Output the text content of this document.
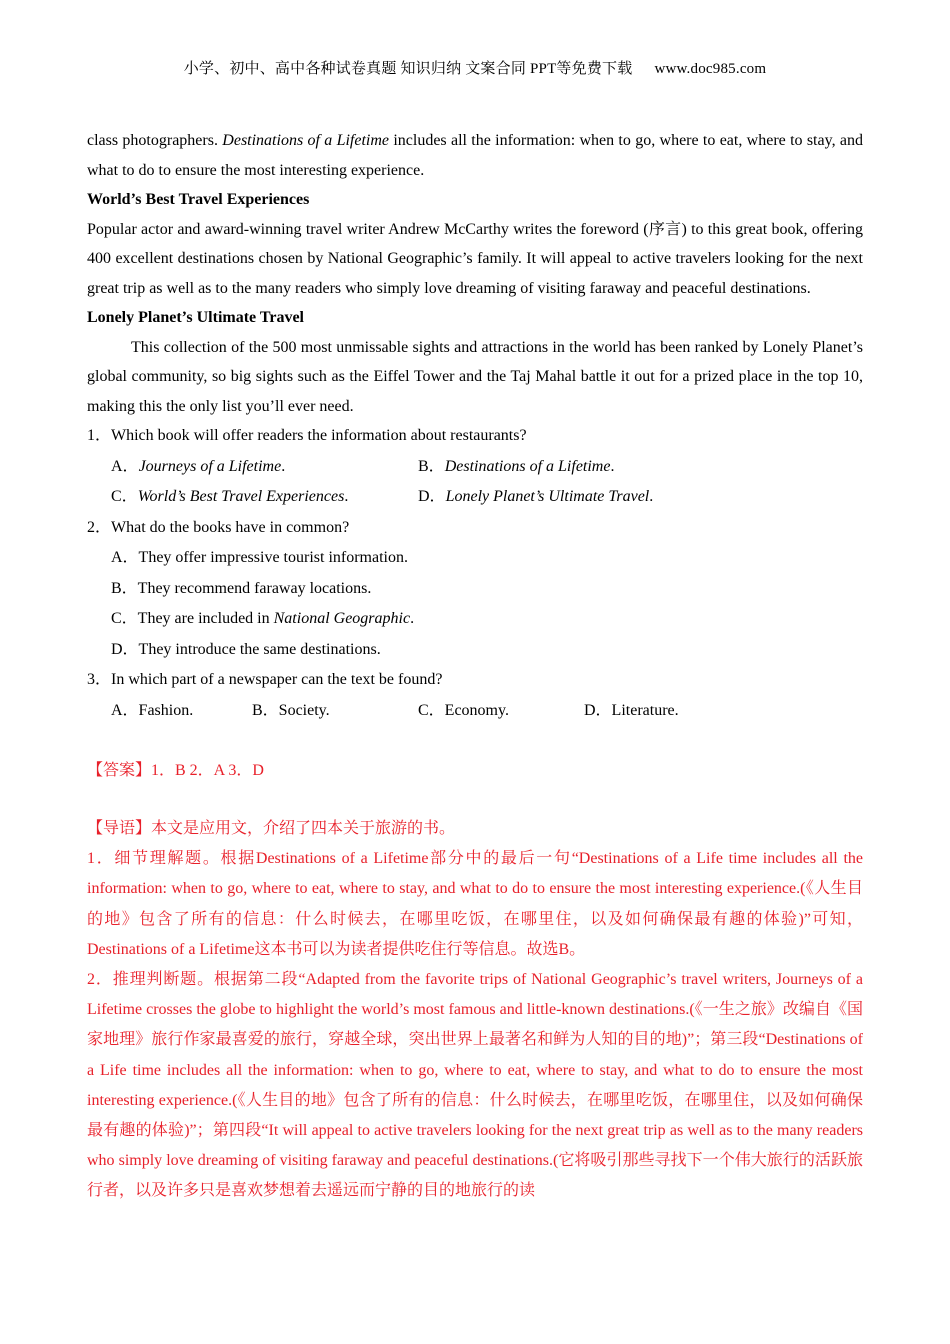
小学、初中、高中各种试卷真题 知识归纳 文案合同 PPT等免费下载 www.doc985.com

class photographers. Destinations of a Lifetime includes all the information: when to go, where to eat, where to stay, and what to do to ensure the most interesting experience.

World’s Best Travel Experiences

Popular actor and award-winning travel writer Andrew McCarthy writes the foreword (序言) to this great book, offering 400 excellent destinations chosen by National Geographic’s family. It will appeal to active travelers looking for the next great trip as well as to the many readers who simply love dreaming of visiting faraway and peaceful destinations.

Lonely Planet’s Ultimate Travel

This collection of the 500 most unmissable sights and attractions in the world has been ranked by Lonely Planet’s global community, so big sights such as the Eiffel Tower and the Taj Mahal battle it out for a prized place in the top 10, making this the only list you’ll ever need.

1．Which book will offer readers the information about restaurants?

A．Journeys of a Lifetime.	B．Destinations of a Lifetime.
C．World’s Best Travel Experiences.	D．Lonely Planet’s Ultimate Travel.

2．What do the books have in common?

A．They offer impressive tourist information.
B．They recommend faraway locations.
C．They are included in National Geographic.
D．They introduce the same destinations.

3．In which part of a newspaper can the text be found?

A．Fashion.	B．Society.	C．Economy.	D．Literature.

【答案】1．B 2．A 3．D

【导语】本文是应用文，介绍了四本关于旅游的书。

1．细节理解题。根据Destinations of a Lifetime部分中的最后一句“Destinations of a Life time includes all the information: when to go, where to eat, where to stay, and what to do to ensure the most interesting experience.(《人生目的地》包含了所有的信息：什么时候去，在哪里吃饭，在哪里住，以及如何确保最有趣的体验)”可知，Destinations of a Lifetime这本书可以为读者提供吃住行等信息。故选B。

2．推理判断题。根据第二段“Adapted from the favorite trips of National Geographic’s travel writers, Journeys of a Lifetime crosses the globe to highlight the world’s most famous and little-known destinations.(《一生之旅》改编自《国家地理》旅行作家最喜爱的旅行，穿越全球，突出世界上最著名和鲜为人知的目的地)”；第三段“Destinations of a Life time includes all the information: when to go, where to eat, where to stay, and what to do to ensure the most interesting experience.(《人生目的地》包含了所有的信息：什么时候去，在哪里吃饭，在哪里住，以及如何确保最有趣的体验)”；第四段“It will appeal to active travelers looking for the next great trip as well as to the many readers who simply love dreaming of visiting faraway and peaceful destinations.(它将吸引那些寻找下一个伟大旅行的活跃旅行者，以及许多只是喜欢梦想着去遥远而宁静的目的地旅行的读
